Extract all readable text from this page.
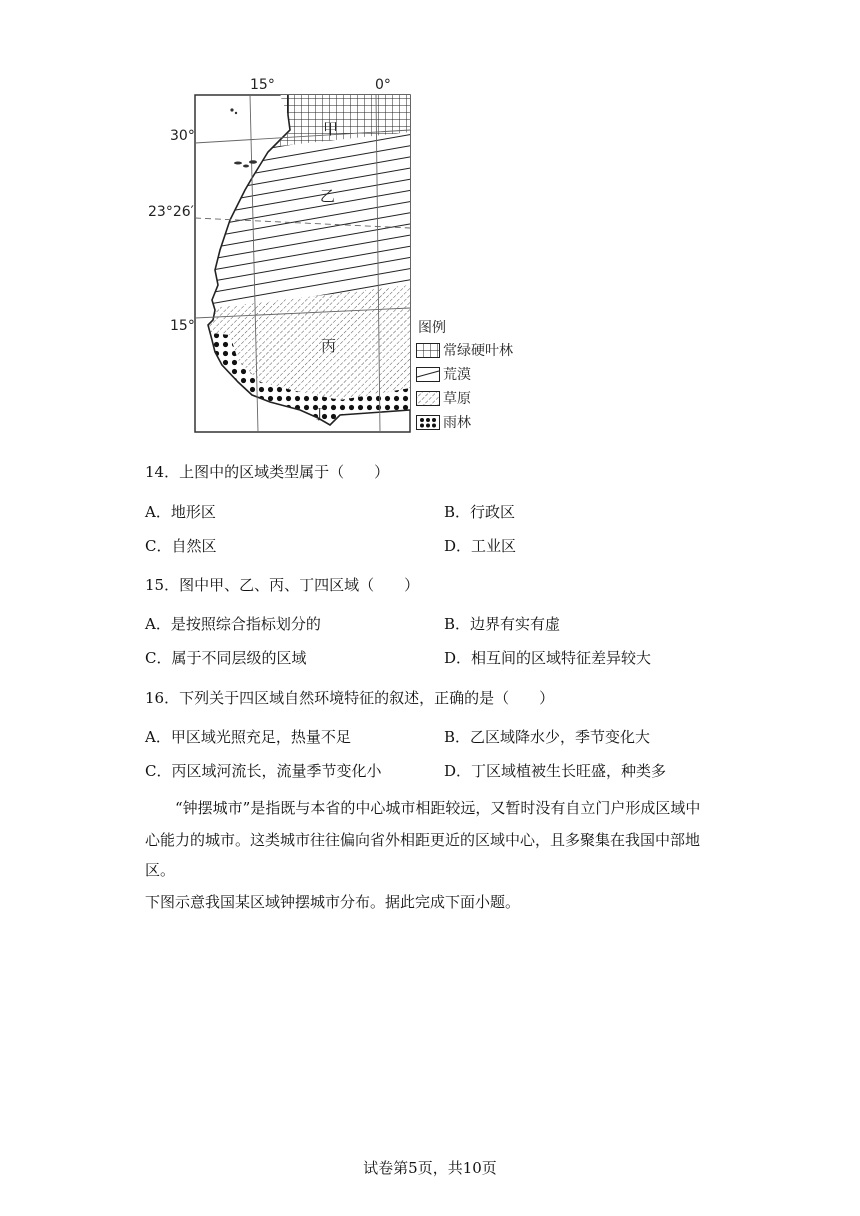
15°	0°
30°
23°26′
15°
甲
乙
丙
丁
图例
常绿硬叶林
荒漠
草原
雨林
14．上图中的区域类型属于（　　）
A．地形区	B．行政区
C．自然区	D．工业区
15．图中甲、乙、丙、丁四区域（　　）
A．是按照综合指标划分的	B．边界有实有虚
C．属于不同层级的区域	D．相互间的区域特征差异较大
16．下列关于四区域自然环境特征的叙述，正确的是（　　）
A．甲区域光照充足，热量不足	B．乙区域降水少，季节变化大
C．丙区域河流长，流量季节变化小	D．丁区域植被生长旺盛，种类多

“钟摆城市”是指既与本省的中心城市相距较远，又暂时没有自立门户形成区域中

心能力的城市。这类城市往往偏向省外相距更近的区域中心，且多聚集在我国中部地区。

下图示意我国某区域钟摆城市分布。据此完成下面小题。

试卷第5页，共10页
